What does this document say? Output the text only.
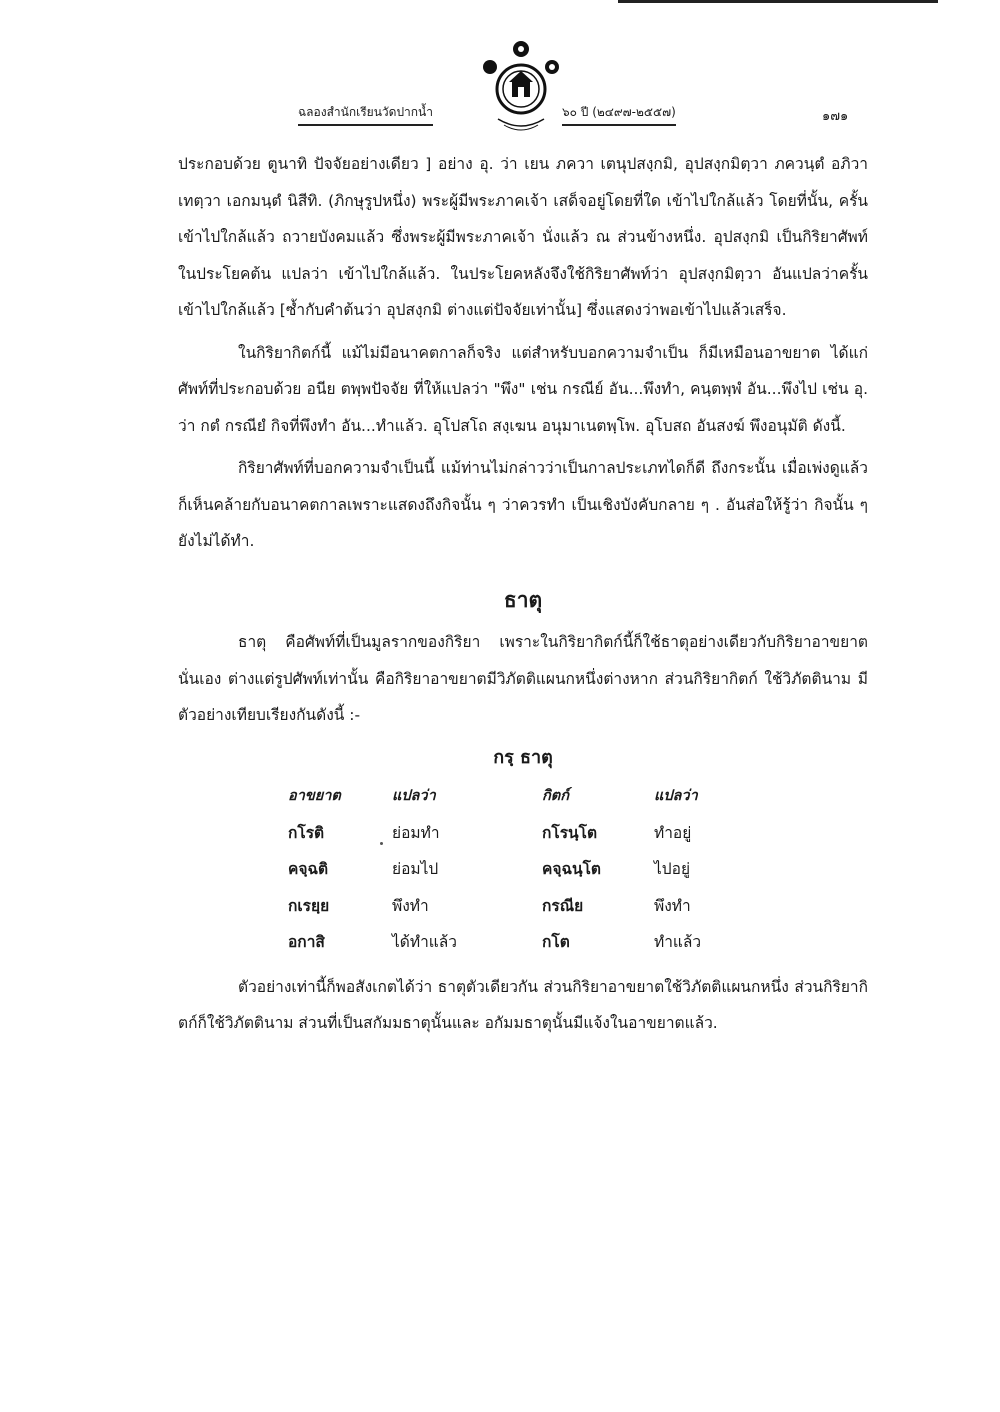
ฉลองสำนักเรียนวัดปากน้ำ	๖๐ ปี (๒๔๙๗-๒๕๕๗)	๑๗๑

ประกอบด้วย ตูนาทิ ปัจจัยอย่างเดียว ] อย่าง อุ. ว่า เยน ภควา เตนุปสงฺกมิ, อุปสงฺกมิตฺวา ภควนฺตํ อภิวาเทตฺวา เอกมนฺตํ นิสีทิ. (ภิกษุรูปหนึ่ง) พระผู้มีพระภาคเจ้า เสด็จอยู่โดยที่ใด เข้าไปใกล้แล้ว โดยที่นั้น, ครั้นเข้าไปใกล้แล้ว ถวายบังคมแล้ว ซึ่งพระผู้มีพระภาคเจ้า นั่งแล้ว ณ ส่วนข้างหนึ่ง. อุปสงฺกมิ เป็นกิริยาศัพท์ในประโยคต้น แปลว่า เข้าไปใกล้แล้ว. ในประโยคหลังจึงใช้กิริยาศัพท์ว่า อุปสงฺกมิตฺวา อันแปลว่าครั้นเข้าไปใกล้แล้ว [ซ้ำกับคำต้นว่า อุปสงฺกมิ ต่างแต่ปัจจัยเท่านั้น] ซึ่งแสดงว่าพอเข้าไปแล้วเสร็จ.

ในกิริยากิตก์นี้ แม้ไม่มีอนาคตกาลก็จริง แต่สำหรับบอกความจำเป็น ก็มีเหมือนอาขยาต ได้แก่ศัพท์ที่ประกอบด้วย อนีย ตพฺพปัจจัย ที่ให้แปลว่า "พึง" เช่น กรณีย์ อัน...พึงทำ, คนฺตพฺพํ อัน...พึงไป เช่น อุ. ว่า กตํ กรณียํ กิจที่พึงทำ อัน...ทำแล้ว. อุโปสโถ สงฺเฆน อนุมาเนตพฺโพ. อุโบสถ อันสงฆ์ พึงอนุมัติ ดังนี้.

กิริยาศัพท์ที่บอกความจำเป็นนี้ แม้ท่านไม่กล่าวว่าเป็นกาลประเภทไดก็ดี ถึงกระนั้น เมื่อเพ่งดูแล้ว ก็เห็นคล้ายกับอนาคตกาลเพราะแสดงถึงกิจนั้น ๆ ว่าควรทำ เป็นเชิงบังคับกลาย ๆ . อันส่อให้รู้ว่า กิจนั้น ๆ ยังไม่ได้ทำ.

ธาตุ

ธาตุ คือศัพท์ที่เป็นมูลรากของกิริยา เพราะในกิริยากิตก์นี้ก็ใช้ธาตุอย่างเดียวกับกิริยาอาขยาตนั่นเอง ต่างแต่รูปศัพท์เท่านั้น คือกิริยาอาขยาตมีวิภัตติแผนกหนึ่งต่างหาก ส่วนกิริยากิตก์ ใช้วิภัตตินาม มีตัวอย่างเทียบเรียงกันดังนี้ :-

กรฺ ธาตุ
อาขยาต	แปลว่า	กิตก์	แปลว่า
กโรติ	ย่อมทำ	กโรนฺโต	ทำอยู่
คจฺฉติ	ย่อมไป	คจฺฉนฺโต	ไปอยู่
กเรยฺย	พึงทำ	กรณีย	พึงทำ
อกาสิ	ได้ทำแล้ว	กโต	ทำแล้ว

ตัวอย่างเท่านี้ก็พอสังเกตได้ว่า ธาตุตัวเดียวกัน ส่วนกิริยาอาขยาตใช้วิภัตติแผนกหนึ่ง ส่วนกิริยากิตก์ก็ใช้วิภัตตินาม ส่วนที่เป็นสกัมมธาตุนั้นและ อกัมมธาตุนั้นมีแจ้งในอาขยาตแล้ว.
